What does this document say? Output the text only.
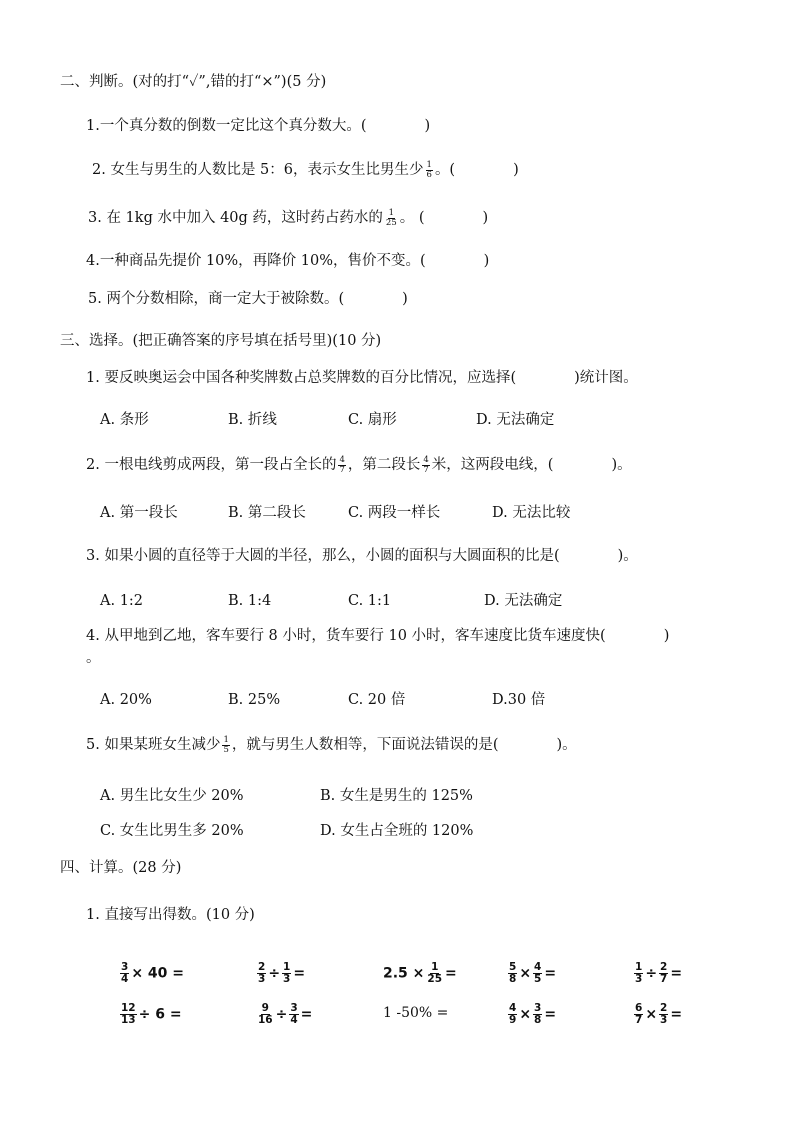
二、判断。(对的打“✓”,错的打“×”)(5 分)
1.一个真分数的倒数一定比这个真分数大。(　　　　)
2. 女生与男生的人数比是 5：6，表示女生比男生少 $\frac{1}{6}$ 。(　　　　)
3. 在 1kg 水中加入 40g 药，这时药占药水的 $\frac{1}{25}$ 。 (　　　　)
4.一种商品先提价 10%，再降价 10%，售价不变。(　　　　)
5. 两个分数相除，商一定大于被除数。(　　　　)
三、选择。(把正确答案的序号填在括号里)(10 分)
1. 要反映奥运会中国各种奖牌数占总奖牌数的百分比情况，应选择(　　　　)统计图。
A. 条形	B. 折线	C. 扇形	D. 无法确定
2. 一根电线剪成两段，第一段占全长的 $\frac{4}{7}$ ，第二段长 $\frac{4}{7}$ 米，这两段电线，(　　　　)。
A. 第一段长	B. 第二段长	C. 两段一样长	D. 无法比较
3. 如果小圆的直径等于大圆的半径，那么，小圆的面积与大圆面积的比是(　　　　)。
A. 1:2	B. 1:4	C. 1:1	D. 无法确定
4. 从甲地到乙地，客车要行 8 小时，货车要行 10 小时，客车速度比货车速度快(　　　　)
。
A. 20%	B. 25%	C. 20 倍	D.30 倍
5. 如果某班女生减少 $\frac{1}{5}$ ，就与男生人数相等，下面说法错误的是(　　　　)。
A. 男生比女生少 20%	B. 女生是男生的 125%
C. 女生比男生多 20%	D. 女生占全班的 120%
四、计算。(28 分)
1. 直接写出得数。(10 分)
$\frac{3}{4} \times 40$ =	$\frac{2}{3} \div \frac{1}{3}$ =	$2.5 \times \frac{1}{25}$ =	$\frac{5}{8} \times \frac{4}{5}$ =	$\frac{1}{3} \div \frac{2}{7}$ =
$\frac{12}{13} \div 6$ =	$\frac{9}{16} \div \frac{3}{4}$ =	1 -50% =	$\frac{4}{9} \times \frac{3}{8}$ =	$\frac{6}{7} \times \frac{2}{3}$ =
